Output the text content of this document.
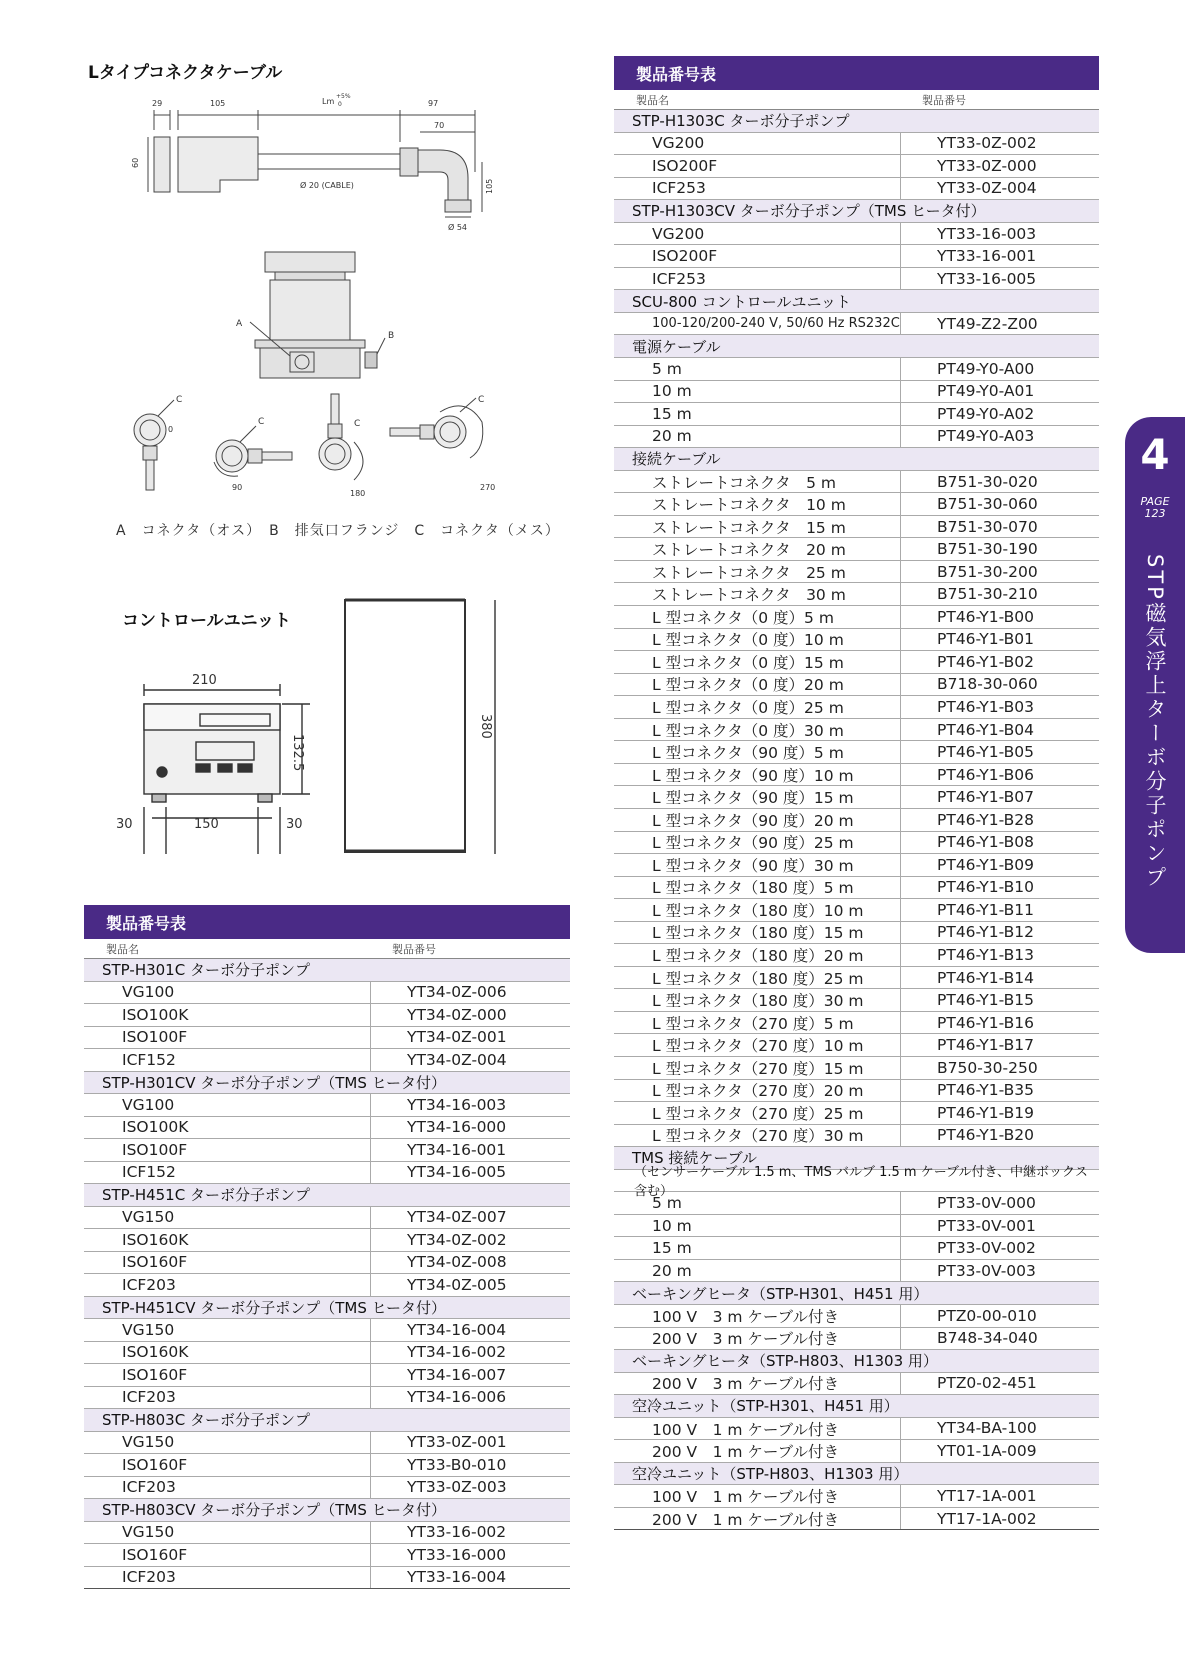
Lタイプコネクタケーブル
コントロールユニット
29	105	Lm
+5%
0	97
70
60
Ø 20 (CABLE)	105
Ø 54
A
B
C
0
C
90
C
180
C
270
A　コネクタ（オス）　B　排気口フランジ　C　コネクタ（メス）
210
132.5
30	150	30
380
製品番号表
製品名	製品番号
STP-H301C ターボ分子ポンプ
VG100	YT34-0Z-006
ISO100K	YT34-0Z-000
ISO100F	YT34-0Z-001
ICF152	YT34-0Z-004
STP-H301CV ターボ分子ポンプ（TMS ヒータ付）
VG100	YT34-16-003
ISO100K	YT34-16-000
ISO100F	YT34-16-001
ICF152	YT34-16-005
STP-H451C ターボ分子ポンプ
VG150	YT34-0Z-007
ISO160K	YT34-0Z-002
ISO160F	YT34-0Z-008
ICF203	YT34-0Z-005
STP-H451CV ターボ分子ポンプ（TMS ヒータ付）
VG150	YT34-16-004
ISO160K	YT34-16-002
ISO160F	YT34-16-007
ICF203	YT34-16-006
STP-H803C ターボ分子ポンプ
VG150	YT33-0Z-001
ISO160F	YT33-B0-010
ICF203	YT33-0Z-003
STP-H803CV ターボ分子ポンプ（TMS ヒータ付）
VG150	YT33-16-002
ISO160F	YT33-16-000
ICF203	YT33-16-004
製品番号表
製品名	製品番号
STP-H1303C ターボ分子ポンプ
VG200	YT33-0Z-002
ISO200F	YT33-0Z-000
ICF253	YT33-0Z-004
STP-H1303CV ターボ分子ポンプ（TMS ヒータ付）
VG200	YT33-16-003
ISO200F	YT33-16-001
ICF253	YT33-16-005
SCU-800 コントロールユニット
100-120/200-240 V, 50/60 Hz RS232C	YT49-Z2-Z00
電源ケーブル
5 m	PT49-Y0-A00
10 m	PT49-Y0-A01
15 m	PT49-Y0-A02
20 m	PT49-Y0-A03
接続ケーブル
ストレートコネクタ　5 m	B751-30-020
ストレートコネクタ　10 m	B751-30-060
ストレートコネクタ　15 m	B751-30-070
ストレートコネクタ　20 m	B751-30-190
ストレートコネクタ　25 m	B751-30-200
ストレートコネクタ　30 m	B751-30-210
L 型コネクタ（0 度）5 m	PT46-Y1-B00
L 型コネクタ（0 度）10 m	PT46-Y1-B01
L 型コネクタ（0 度）15 m	PT46-Y1-B02
L 型コネクタ（0 度）20 m	B718-30-060
L 型コネクタ（0 度）25 m	PT46-Y1-B03
L 型コネクタ（0 度）30 m	PT46-Y1-B04
L 型コネクタ（90 度）5 m	PT46-Y1-B05
L 型コネクタ（90 度）10 m	PT46-Y1-B06
L 型コネクタ（90 度）15 m	PT46-Y1-B07
L 型コネクタ（90 度）20 m	PT46-Y1-B28
L 型コネクタ（90 度）25 m	PT46-Y1-B08
L 型コネクタ（90 度）30 m	PT46-Y1-B09
L 型コネクタ（180 度）5 m	PT46-Y1-B10
L 型コネクタ（180 度）10 m	PT46-Y1-B11
L 型コネクタ（180 度）15 m	PT46-Y1-B12
L 型コネクタ（180 度）20 m	PT46-Y1-B13
L 型コネクタ（180 度）25 m	PT46-Y1-B14
L 型コネクタ（180 度）30 m	PT46-Y1-B15
L 型コネクタ（270 度）5 m	PT46-Y1-B16
L 型コネクタ（270 度）10 m	PT46-Y1-B17
L 型コネクタ（270 度）15 m	B750-30-250
L 型コネクタ（270 度）20 m	PT46-Y1-B35
L 型コネクタ（270 度）25 m	PT46-Y1-B19
L 型コネクタ（270 度）30 m	PT46-Y1-B20
TMS 接続ケーブル
（センサーケーブル 1.5 m、TMS バルブ 1.5 m ケーブル付き、中継ボックス含む）
5 m	PT33-0V-000
10 m	PT33-0V-001
15 m	PT33-0V-002
20 m	PT33-0V-003
ベーキングヒータ（STP-H301、H451 用）
100 V　3 m ケーブル付き	PTZ0-00-010
200 V　3 m ケーブル付き	B748-34-040
ベーキングヒータ（STP-H803、H1303 用）
200 V　3 m ケーブル付き	PTZ0-02-451
空冷ユニット（STP-H301、H451 用）
100 V　1 m ケーブル付き	YT34-BA-100
200 V　1 m ケーブル付き	YT01-1A-009
空冷ユニット（STP-H803、H1303 用）
100 V　1 m ケーブル付き	YT17-1A-001
200 V　1 m ケーブル付き	YT17-1A-002
4
PAGE
123
STP磁気浮上ターボ分子ポンプ
